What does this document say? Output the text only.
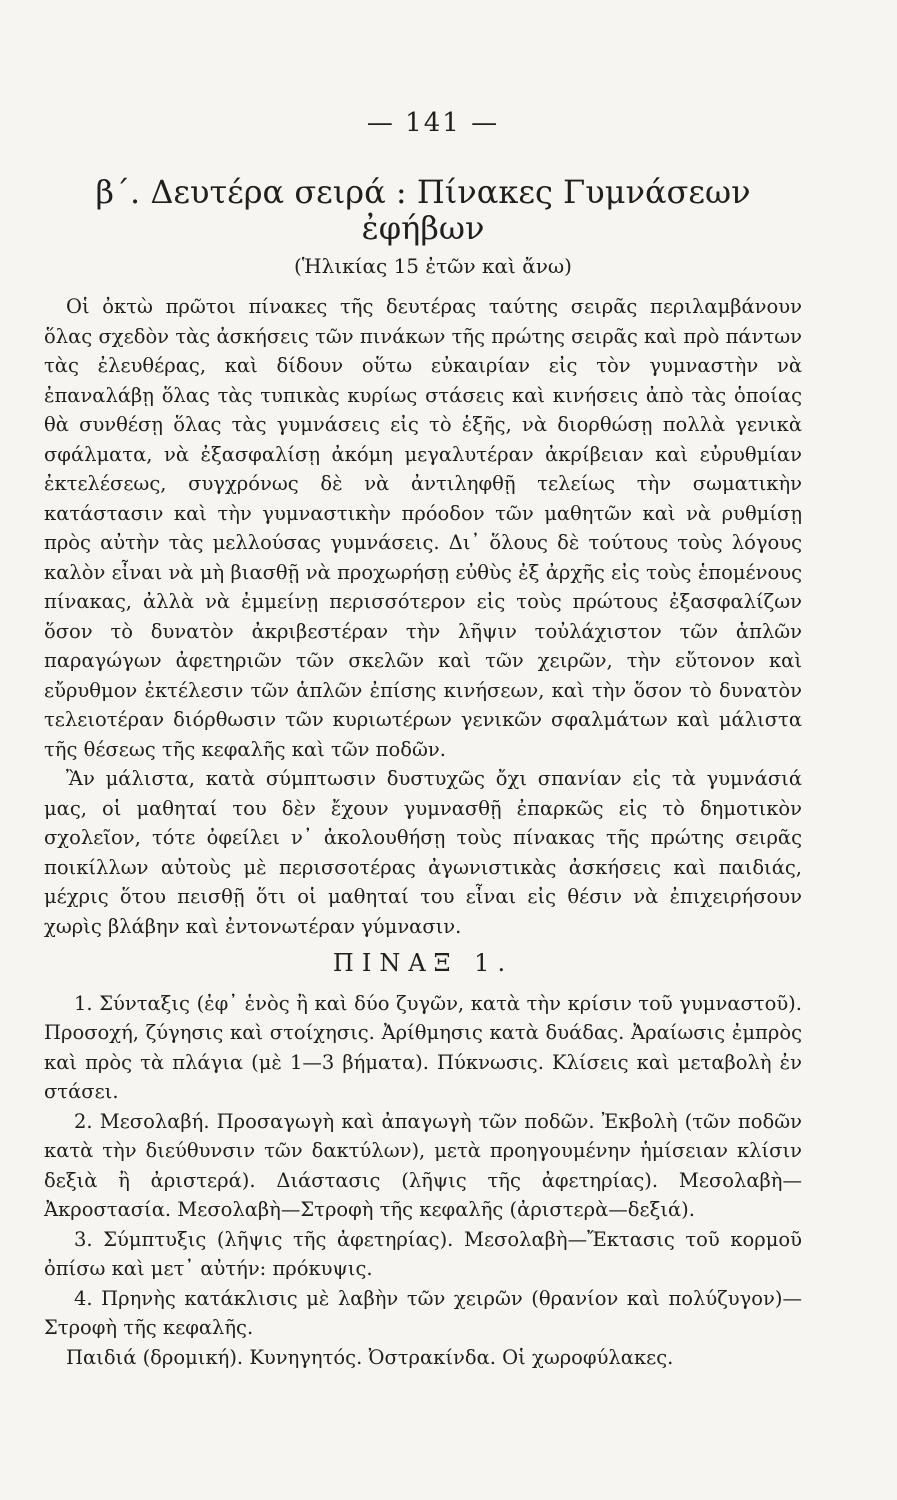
— 141 —
β΄. Δευτέρα σειρά : Πίνακες Γυμνάσεων ἐφήβων
(Ἡλικίας 15 ἐτῶν καὶ ἄνω)

Οἱ ὀκτὼ πρῶτοι πίνακες τῆς δευτέρας ταύτης σειρᾶς περιλαμβάνουν ὅλας σχεδὸν τὰς ἀσκήσεις τῶν πινάκων τῆς πρώτης σειρᾶς καὶ πρὸ πάντων τὰς ἐλευθέρας, καὶ δίδουν οὕτω εὐκαιρίαν εἰς τὸν γυμναστὴν νὰ ἐπαναλάβῃ ὅλας τὰς τυπικὰς κυρίως στάσεις καὶ κινήσεις ἀπὸ τὰς ὁποίας θὰ συνθέσῃ ὅλας τὰς γυμνάσεις εἰς τὸ ἑξῆς, νὰ διορθώσῃ πολλὰ γενικὰ σφάλματα, νὰ ἐξασφαλίσῃ ἀκόμη μεγαλυτέραν ἀκρίβειαν καὶ εὐρυθμίαν ἐκτελέσεως, συγχρόνως δὲ νὰ ἀντιληφθῇ τελείως τὴν σωματικὴν κατάστασιν καὶ τὴν γυμναστικὴν πρόοδον τῶν μαθητῶν καὶ νὰ ρυθμίσῃ πρὸς αὐτὴν τὰς μελλούσας γυμνάσεις. Δι᾿ ὅλους δὲ τούτους τοὺς λόγους καλὸν εἶναι νὰ μὴ βιασθῇ νὰ προχωρήσῃ εὐθὺς ἐξ ἀρχῆς εἰς τοὺς ἑπομένους πίνακας, ἀλλὰ νὰ ἐμμείνῃ περισσότερον εἰς τοὺς πρώτους ἐξασφαλίζων ὅσον τὸ δυνατὸν ἀκριβεστέραν τὴν λῆψιν τοὐλάχιστον τῶν ἁπλῶν παραγώγων ἀφετηριῶν τῶν σκελῶν καὶ τῶν χειρῶν, τὴν εὔτονον καὶ εὔρυθμον ἐκτέλεσιν τῶν ἁπλῶν ἐπίσης κινήσεων, καὶ τὴν ὅσον τὸ δυνατὸν τελειοτέραν διόρθωσιν τῶν κυριωτέρων γενικῶν σφαλμάτων καὶ μάλιστα τῆς θέσεως τῆς κεφαλῆς καὶ τῶν ποδῶν.

Ἂν μάλιστα, κατὰ σύμπτωσιν δυστυχῶς ὄχι σπανίαν εἰς τὰ γυμνάσιά μας, οἱ μαθηταί του δὲν ἔχουν γυμνασθῇ ἐπαρκῶς εἰς τὸ δημοτικὸν σχολεῖον, τότε ὀφείλει ν᾿ ἀκολουθήσῃ τοὺς πίνακας τῆς πρώτης σειρᾶς ποικίλλων αὐτοὺς μὲ περισσοτέρας ἀγωνιστικὰς ἀσκήσεις καὶ παιδιάς, μέχρις ὅτου πεισθῇ ὅτι οἱ μαθηταί του εἶναι εἰς θέσιν νὰ ἐπιχειρήσουν χωρὶς βλάβην καὶ ἐντονωτέραν γύμνασιν.

ΠΙΝΑΞ 1.

1. Σύνταξις (ἐφ᾿ ἑνὸς ἢ καὶ δύο ζυγῶν, κατὰ τὴν κρίσιν τοῦ γυμναστοῦ). Προσοχή, ζύγησις καὶ στοίχησις. Ἀρίθμησις κατὰ δυάδας. Ἀραίωσις ἐμπρὸς καὶ πρὸς τὰ πλάγια (μὲ 1—3 βήματα). Πύκνωσις. Κλίσεις καὶ μεταβολὴ ἐν στάσει.

2. Μεσολαβή. Προσαγωγὴ καὶ ἀπαγωγὴ τῶν ποδῶν. Ἐκβολὴ (τῶν ποδῶν κατὰ τὴν διεύθυνσιν τῶν δακτύλων), μετὰ προηγουμένην ἡμίσειαν κλίσιν δεξιὰ ἢ ἀριστερά). Διάστασις (λῆψις τῆς ἀφετηρίας). Μεσολαβὴ—Ἀκροστασία. Μεσολαβὴ—Στροφὴ τῆς κεφαλῆς (ἀριστερὰ—δεξιά).

3. Σύμπτυξις (λῆψις τῆς ἀφετηρίας). Μεσολαβὴ—Ἔκτασις τοῦ κορμοῦ ὀπίσω καὶ μετ᾿ αὐτήν: πρόκυψις.

4. Πρηνὴς κατάκλισις μὲ λαβὴν τῶν χειρῶν (θρανίον καὶ πολύζυγον)—Στροφὴ τῆς κεφαλῆς.

Παιδιά (δρομική). Κυνηγητός. Ὀστρακίνδα. Οἱ χωροφύλακες.
